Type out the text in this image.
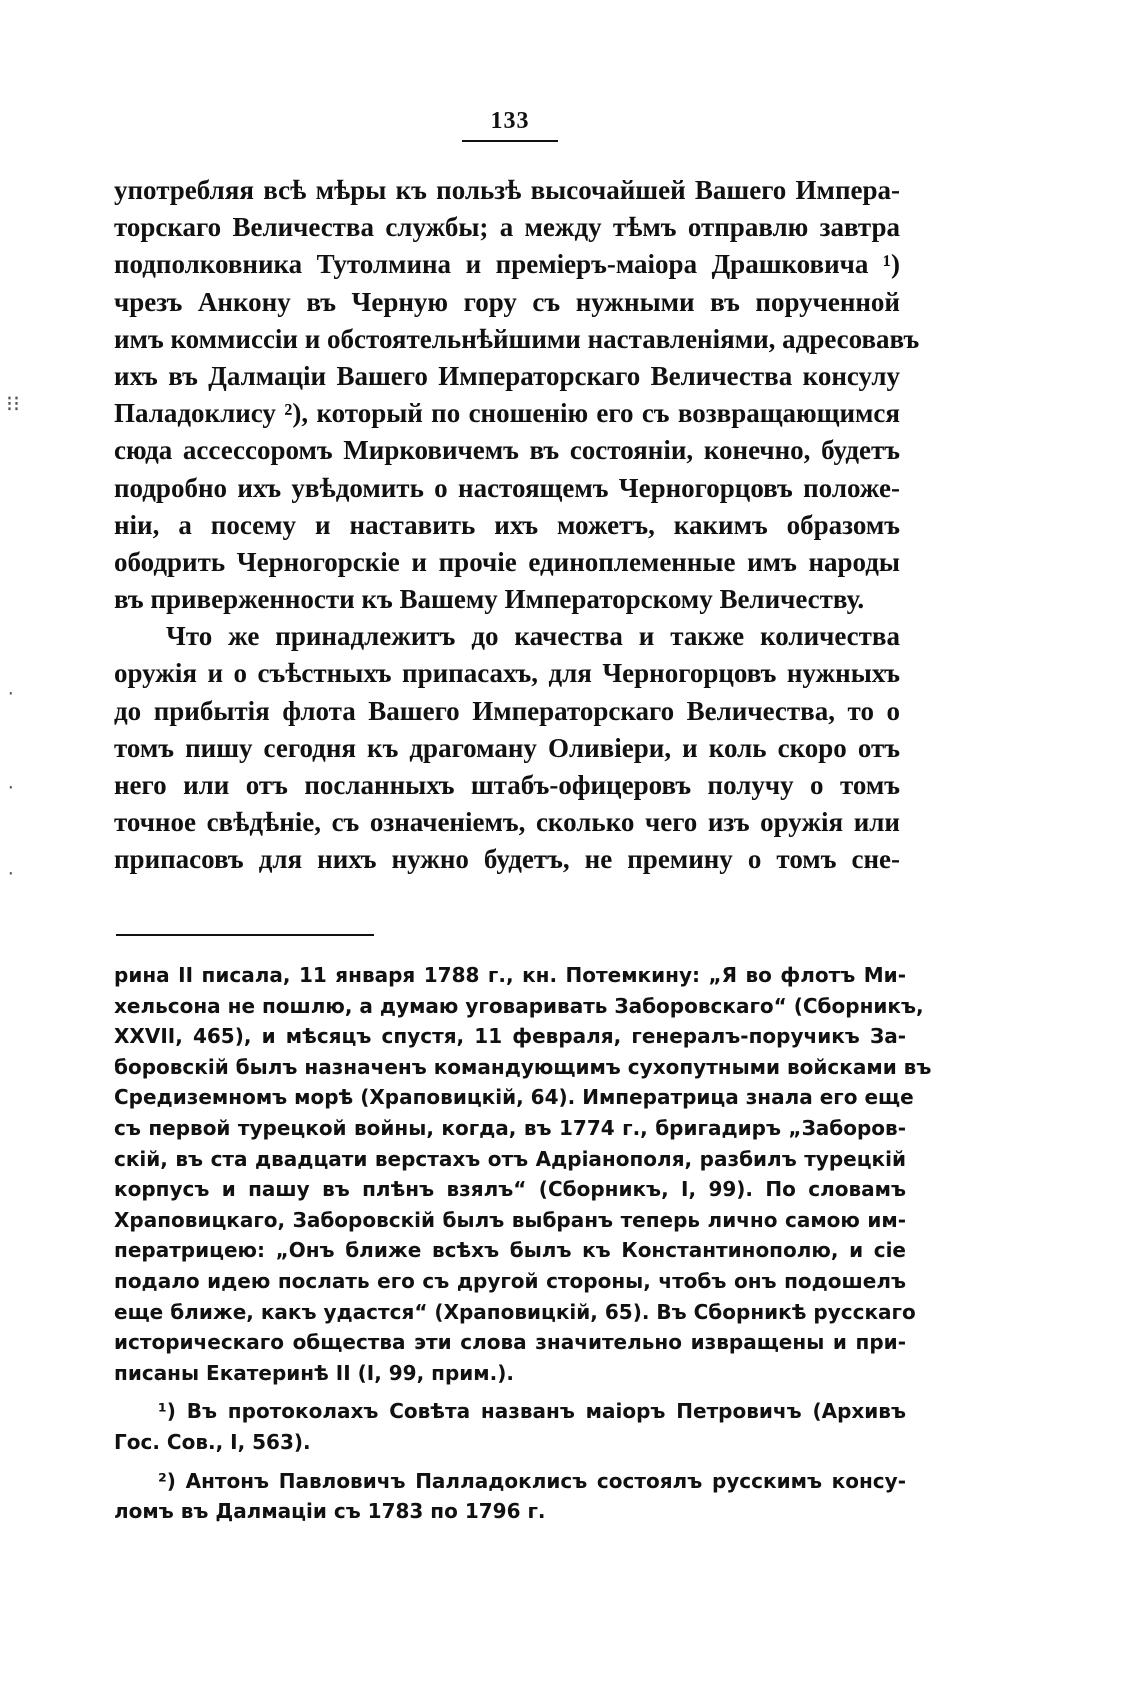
133
⁝⁝
·
·
·
употребляя всѣ мѣры къ пользѣ высочайшей Вашего Импера-
торскаго Величества службы; а между тѣмъ отправлю завтра
подполковника Тутолмина и премiеръ-маiора Драшковича ¹)
чрезъ Анкону въ Черную гору съ нужными въ порученной
имъ коммиссiи и обстоятельнѣйшими наставленiями, адресовавъ
ихъ въ Далмацiи Вашего Императорскаго Величества консулу
Паладоклису ²), который по сношенiю его съ возвращающимся
сюда ассессоромъ Мирковичемъ въ состоянiи, конечно, будетъ
подробно ихъ увѣдомить о настоящемъ Черногорцовъ положе-
нiи, а посему и наставить ихъ можетъ, какимъ образомъ
ободрить Черногорскiе и прочiе единоплеменные имъ народы
въ приверженности къ Вашему Императорскому Величеству.
Что же принадлежитъ до качества и также количества
оружiя и о съѣстныхъ припасахъ, для Черногорцовъ нужныхъ
до прибытiя флота Вашего Императорскаго Величества, то о
томъ пишу сегодня къ драгоману Оливiери, и коль скоро отъ
него или отъ посланныхъ штабъ-офицеровъ получу о томъ
точное свѣдѣнiе, съ означенiемъ, сколько чего изъ оружiя или
припасовъ для нихъ нужно будетъ, не премину о томъ сне-
рина II писала, 11 января 1788 г., кн. Потемкину: „Я во флотъ Ми-
хельсона не пошлю, а думаю уговаривать Заборовскаго“ (Сборникъ,
XXVII, 465), и мѣсяцъ спустя, 11 февраля, генералъ-поручикъ За-
боровскiй былъ назначенъ командующимъ сухопутными войсками въ
Средиземномъ морѣ (Храповицкiй, 64). Императрица знала его еще
съ первой турецкой войны, когда, въ 1774 г., бригадиръ „Заборов-
скiй, въ ста двадцати верстахъ отъ Адрiанополя, разбилъ турецкiй
корпусъ и пашу въ плѣнъ взялъ“ (Сборникъ, I, 99). По словамъ
Храповицкаго, Заборовскiй былъ выбранъ теперь лично самою им-
ператрицею: „Онъ ближе всѣхъ былъ къ Константинополю, и сiе
подало идею послать его съ другой стороны, чтобъ онъ подошелъ
еще ближе, какъ удастся“ (Храповицкiй, 65). Въ Сборникѣ русскаго
историческаго общества эти слова значительно извращены и при-
писаны Екатеринѣ II (I, 99, прим.).
¹) Въ протоколахъ Совѣта названъ маiоръ Петровичъ (Архивъ
Гос. Сов., I, 563).
²) Антонъ Павловичъ Палладоклисъ состоялъ русскимъ консу-
ломъ въ Далмацiи съ 1783 по 1796 г.
